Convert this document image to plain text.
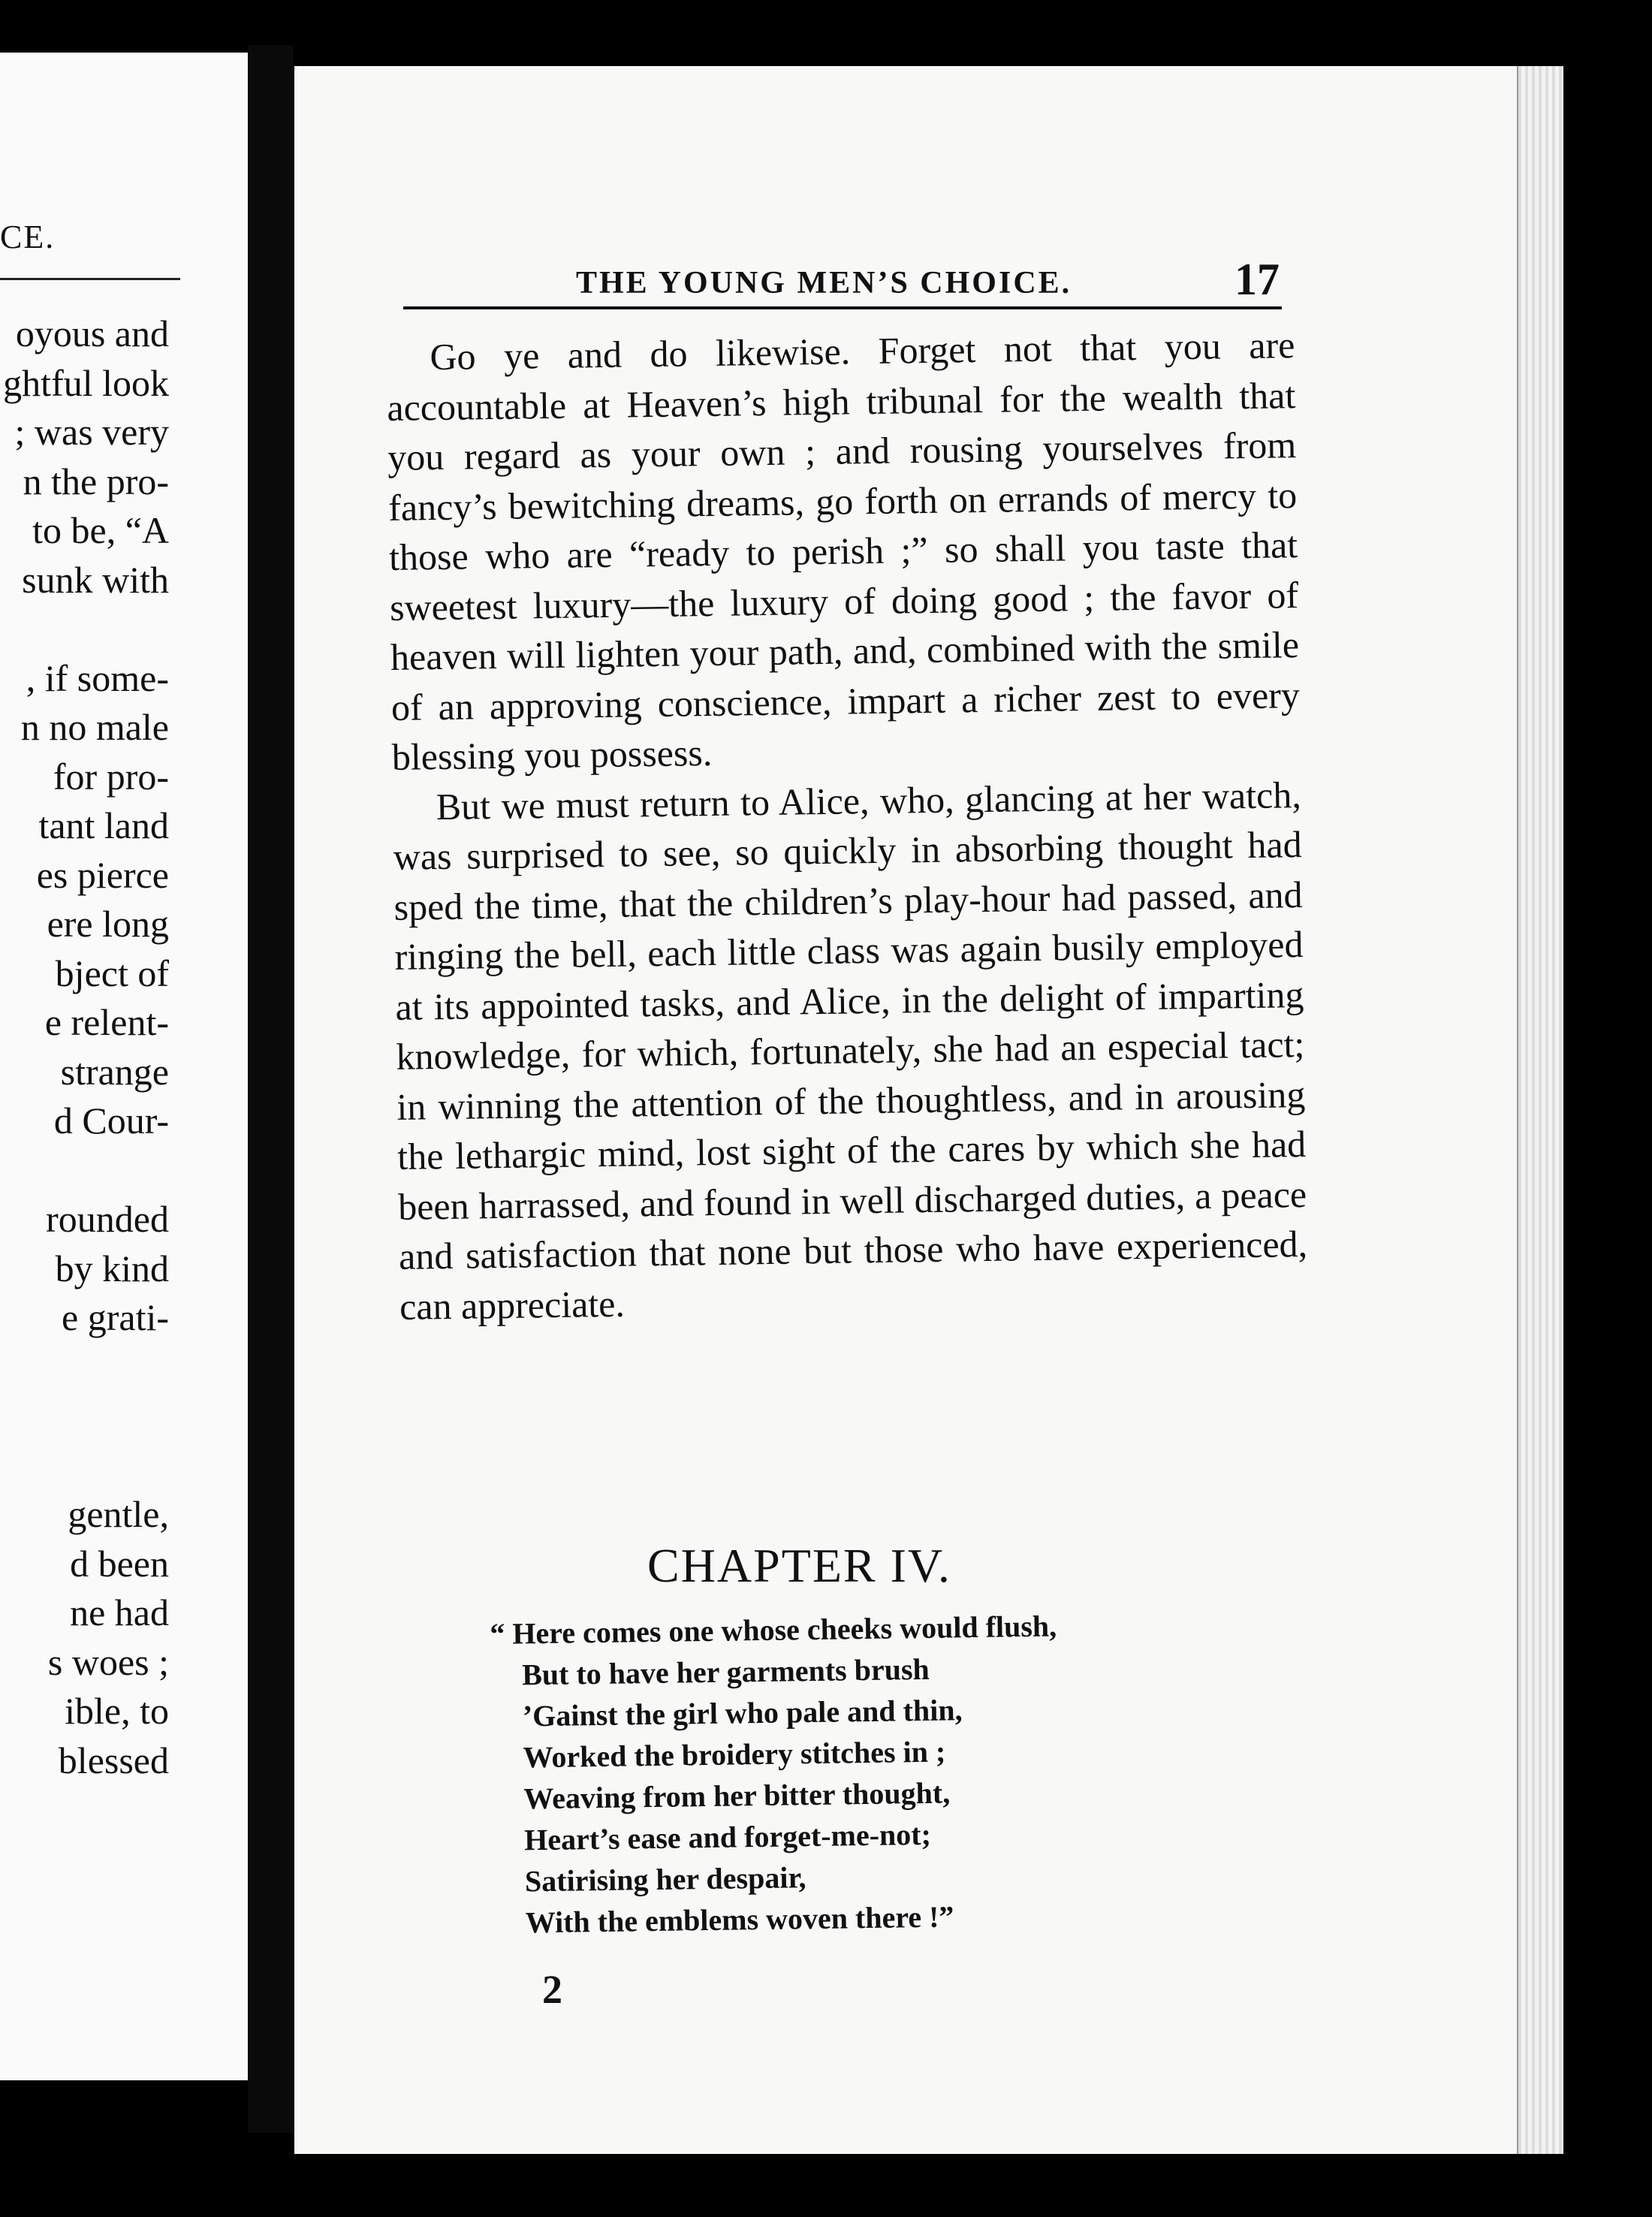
CE.
oyous and
ghtful look
; was very
n the pro-
to be, “A
sunk with
, if some-
n no male
for pro-
tant land
es pierce
ere long
bject of
e relent-
strange
d Cour-
rounded
by kind
e grati-
gentle,
d been
ne had
s woes ;
ible, to
blessed
THE YOUNG MEN’S CHOICE.	17

Go ye and do likewise. Forget not that you are accountable at Heaven’s high tribunal for the wealth that you regard as your own ; and rousing yourselves from fancy’s bewitching dreams, go forth on errands of mercy to those who are “ready to perish ;” so shall you taste that sweetest luxury—the luxury of doing good ; the favor of heaven will lighten your path, and, combined with the smile of an approving conscience, impart a richer zest to every blessing you possess.

But we must return to Alice, who, glancing at her watch, was surprised to see, so quickly in absorbing thought had sped the time, that the children’s play-hour had passed, and ringing the bell, each little class was again busily employed at its appointed tasks, and Alice, in the delight of imparting knowledge, for which, fortunately, she had an especial tact; in winning the attention of the thoughtless, and in arousing the lethargic mind, lost sight of the cares by which she had been harrassed, and found in well discharged duties, a peace and satisfaction that none but those who have experienced, can appreciate.

CHAPTER IV.
“ Here comes one whose cheeks would flush,
But to have her garments brush
’Gainst the girl who pale and thin,
Worked the broidery stitches in ;
Weaving from her bitter thought,
Heart’s ease and forget-me-not;
Satirising her despair,
With the emblems woven there !”
2
